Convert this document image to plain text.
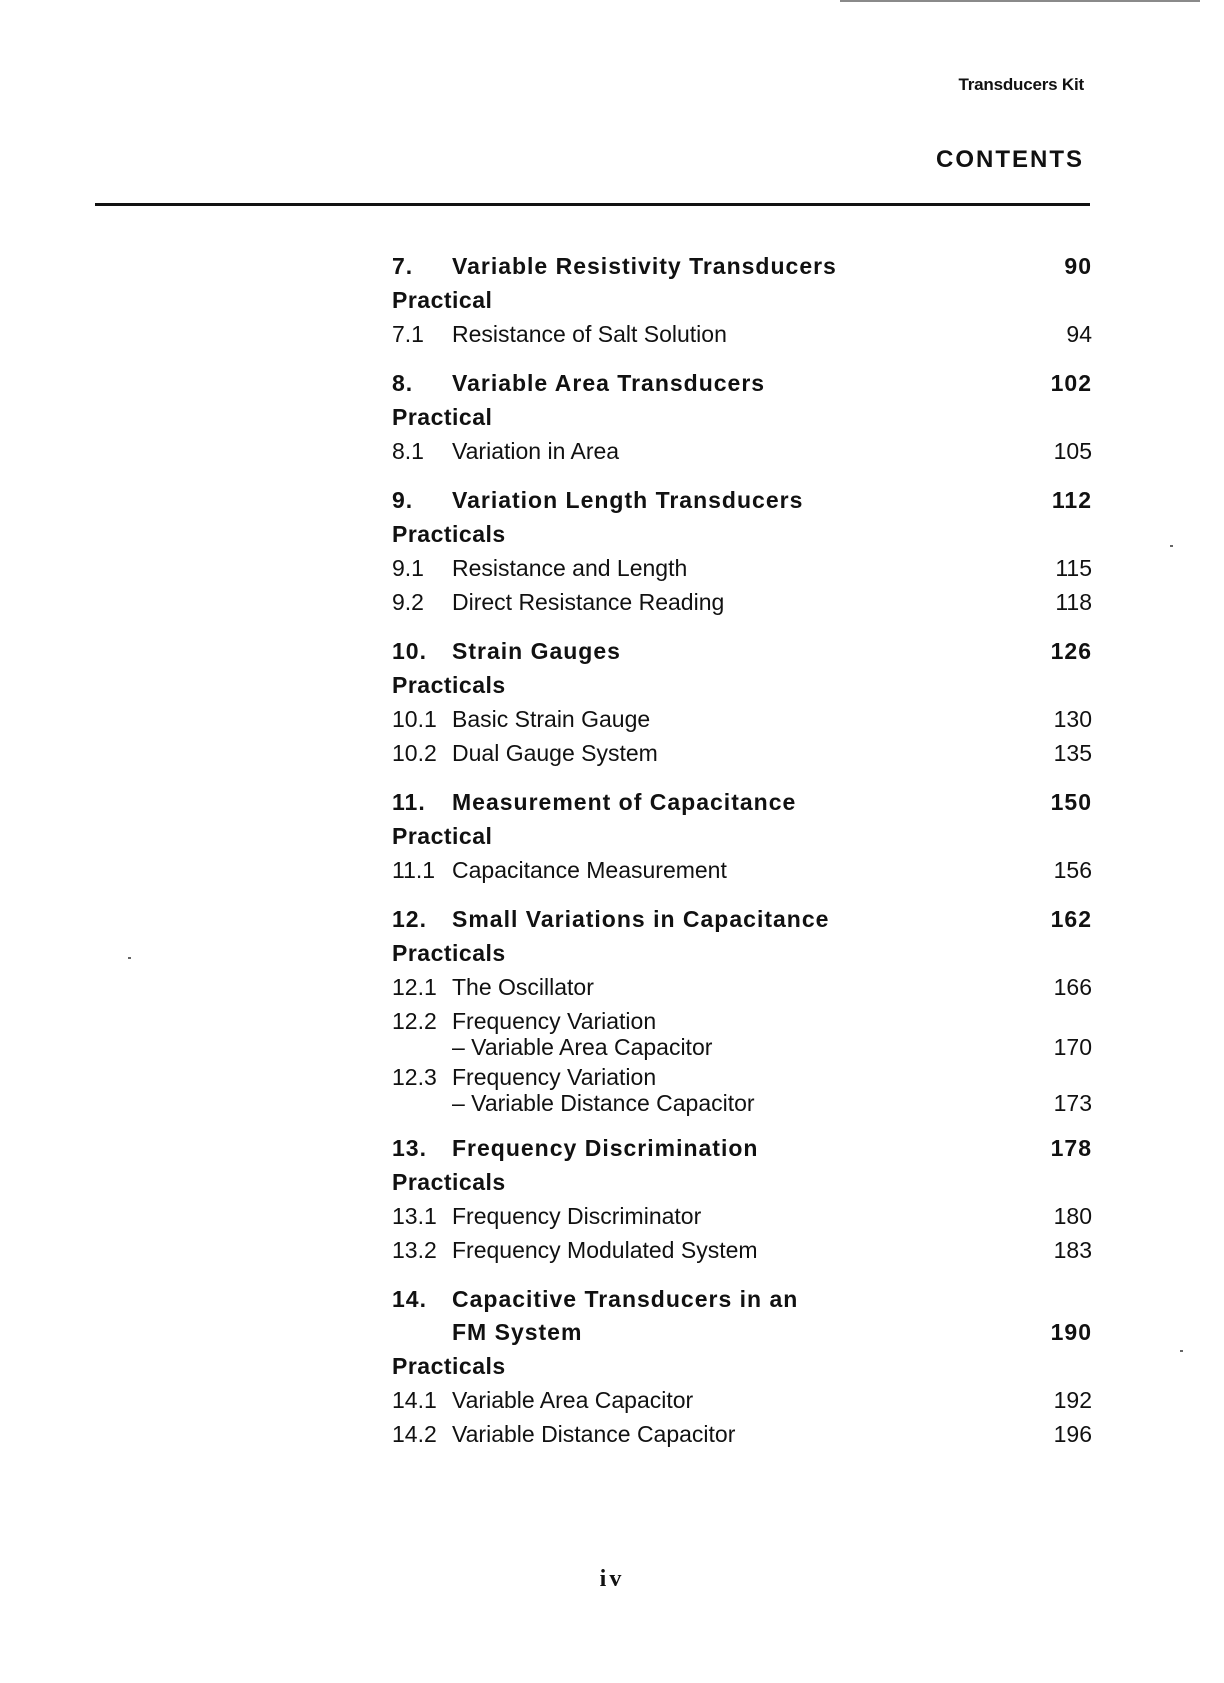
Transducers Kit
CONTENTS
7.	Variable Resistivity Transducers	90
Practical
7.1 Resistance of Salt Solution	94
8.	Variable Area Transducers	102
Practical
8.1 Variation in Area	105
9.	Variation Length Transducers	112
Practicals
9.1 Resistance and Length	115
9.2 Direct Resistance Reading	118
10.	Strain Gauges	126
Practicals
10.1 Basic Strain Gauge	130
10.2 Dual Gauge System	135
11.	Measurement of Capacitance	150
Practical
11.1 Capacitance Measurement	156
12.	Small Variations in Capacitance	162
Practicals
12.1 The Oscillator	166
12.2 Frequency Variation
– Variable Area Capacitor	170
12.3 Frequency Variation
– Variable Distance Capacitor	173
13.	Frequency Discrimination	178
Practicals
13.1 Frequency Discriminator	180
13.2 Frequency Modulated System	183
14.	Capacitive Transducers in an
FM System	190
Practicals
14.1 Variable Area Capacitor	192
14.2 Variable Distance Capacitor	196
iv
